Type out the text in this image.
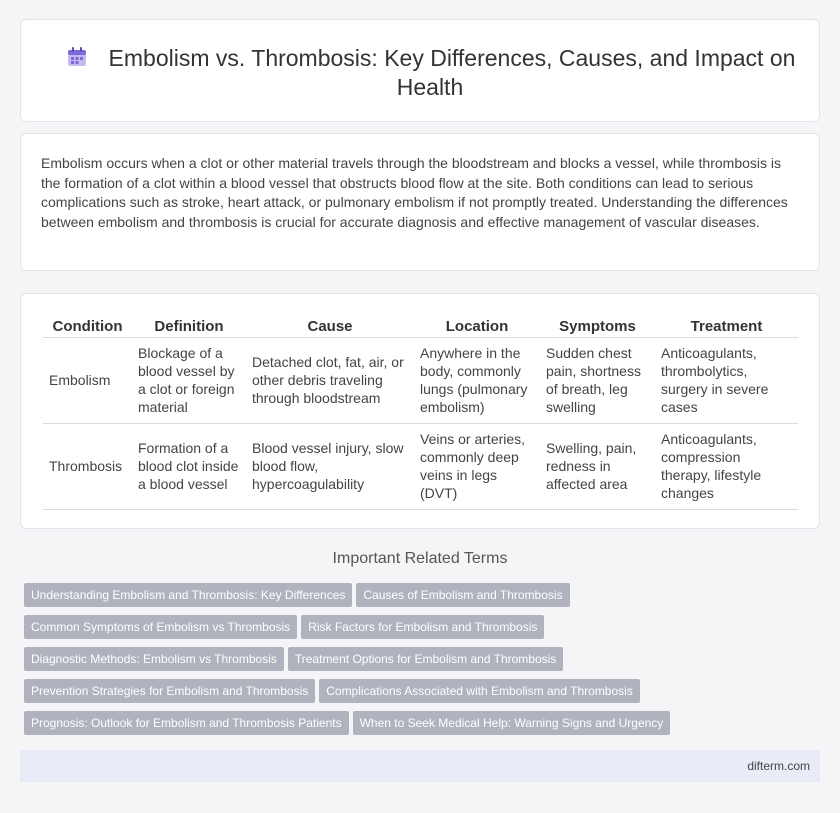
Embolism vs. Thrombosis: Key Differences, Causes, and Impact on Health

Embolism occurs when a clot or other material travels through the bloodstream and blocks a vessel, while thrombosis is the formation of a clot within a blood vessel that obstructs blood flow at the site. Both conditions can lead to serious complications such as stroke, heart attack, or pulmonary embolism if not promptly treated. Understanding the differences between embolism and thrombosis is crucial for accurate diagnosis and effective management of vascular diseases.

Condition	Definition	Cause	Location	Symptoms	Treatment
Embolism	Blockage of a blood vessel by a clot or foreign material	Detached clot, fat, air, or other debris traveling through bloodstream	Anywhere in the body, commonly lungs (pulmonary embolism)	Sudden chest pain, shortness of breath, leg swelling	Anticoagulants, thrombolytics, surgery in severe cases
Thrombosis	Formation of a blood clot inside a blood vessel	Blood vessel injury, slow blood flow, hypercoagulability	Veins or arteries, commonly deep veins in legs (DVT)	Swelling, pain, redness in affected area	Anticoagulants, compression therapy, lifestyle changes
Important Related Terms
Understanding Embolism and Thrombosis: Key Differences Causes of Embolism and Thrombosis
Common Symptoms of Embolism vs Thrombosis Risk Factors for Embolism and Thrombosis
Diagnostic Methods: Embolism vs Thrombosis Treatment Options for Embolism and Thrombosis
Prevention Strategies for Embolism and Thrombosis Complications Associated with Embolism and Thrombosis
Prognosis: Outlook for Embolism and Thrombosis Patients When to Seek Medical Help: Warning Signs and Urgency
difterm.com
